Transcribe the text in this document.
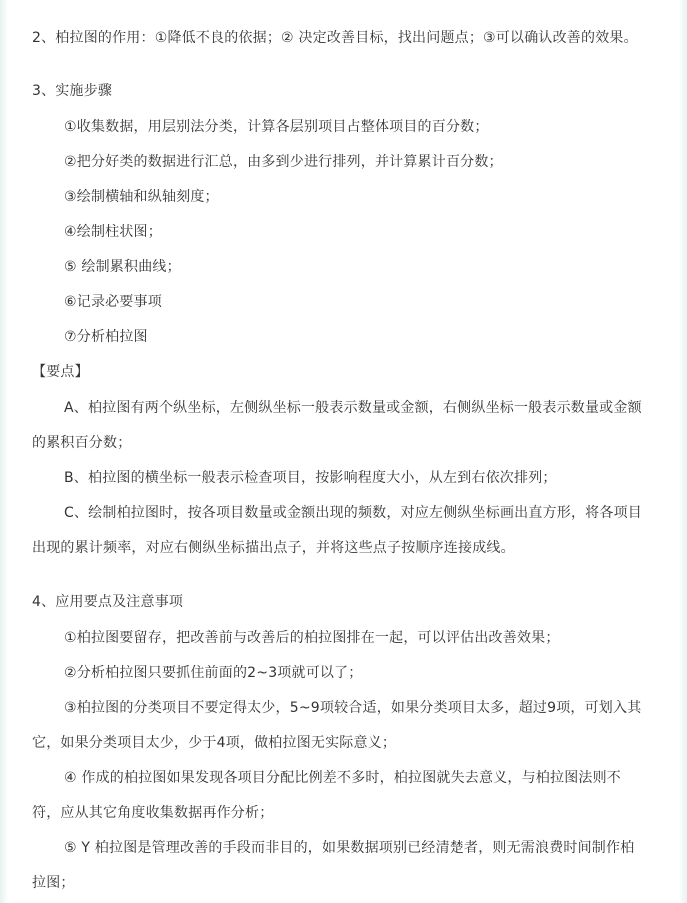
2、柏拉图的作用：①降低不良的依据；② 决定改善目标，找出问题点；③可以确认改善的效果。
3、实施步骤
①收集数据，用层别法分类，计算各层别项目占整体项目的百分数；
②把分好类的数据进行汇总，由多到少进行排列，并计算累计百分数；
③绘制横轴和纵轴刻度；
④绘制柱状图；
⑤ 绘制累积曲线；
⑥记录必要事项
⑦分析柏拉图
【要点】
A、柏拉图有两个纵坐标，左侧纵坐标一般表示数量或金额，右侧纵坐标一般表示数量或金额
的累积百分数；
B、柏拉图的横坐标一般表示检查项目，按影响程度大小，从左到右依次排列；
C、绘制柏拉图时，按各项目数量或金额出现的频数，对应左侧纵坐标画出直方形，将各项目
出现的累计频率，对应右侧纵坐标描出点子，并将这些点子按顺序连接成线。
4、应用要点及注意事项
①柏拉图要留存，把改善前与改善后的柏拉图排在一起，可以评估出改善效果；
②分析柏拉图只要抓住前面的2~3项就可以了；
③柏拉图的分类项目不要定得太少，5~9项较合适，如果分类项目太多，超过9项，可划入其
它，如果分类项目太少，少于4项，做柏拉图无实际意义；
④ 作成的柏拉图如果发现各项目分配比例差不多时，柏拉图就失去意义，与柏拉图法则不
符，应从其它角度收集数据再作分析；
⑤ Y 柏拉图是管理改善的手段而非目的，如果数据项别已经清楚者，则无需浪费时间制作柏
拉图；
